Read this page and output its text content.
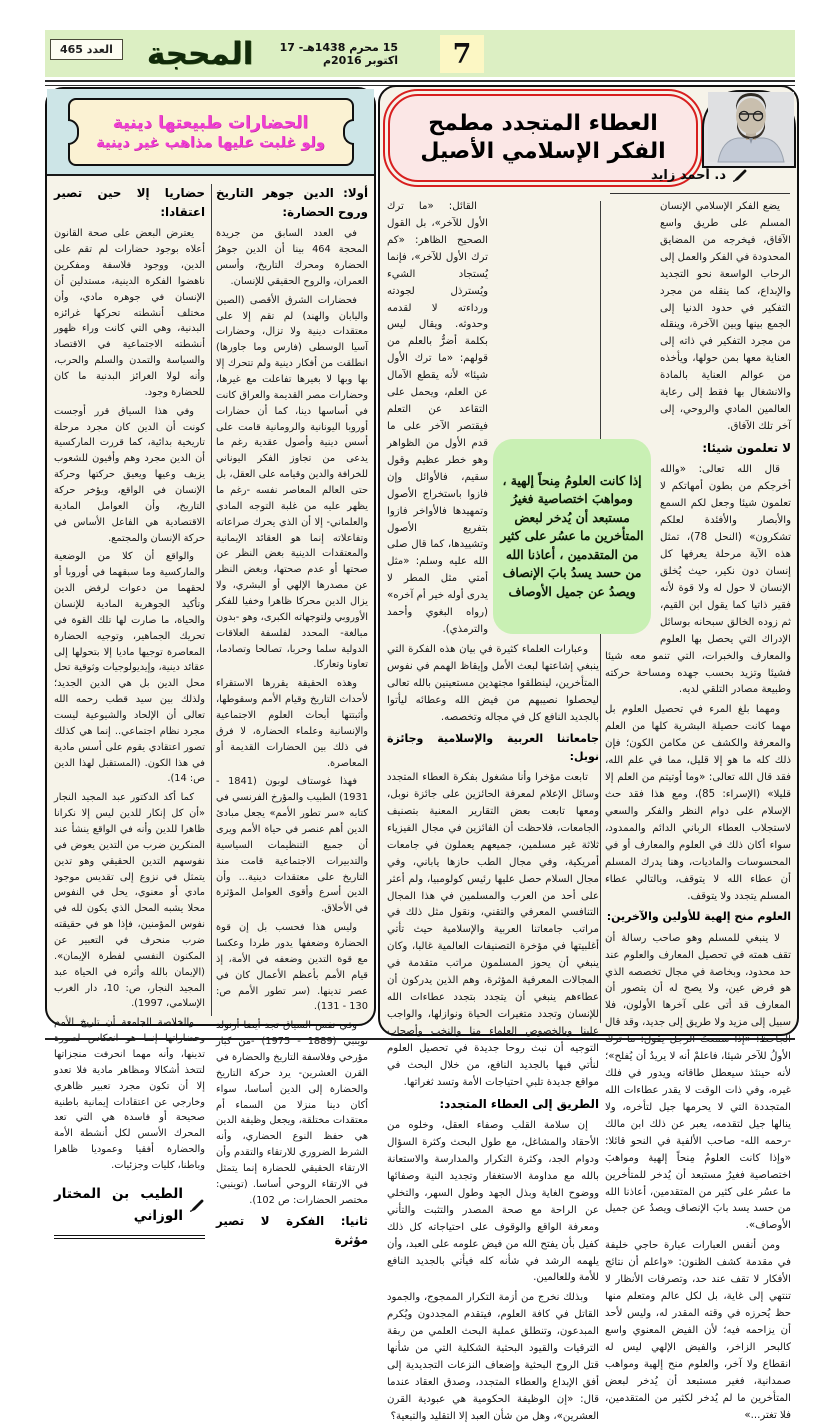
العدد 465	المحجة	15 محرم 1438هـ- 17 اكتوبر 2016م 7
الحضارات طبيعتها دينية
ولو غلبت عليها مذاهب غير دينية
أولا: الدين جوهر التاريخ وروح الحضارة:

في العدد السابق من جريدة المحجة 464 بينا أن الدين جوهرُ الحضارة ومحرك التاريخ، وأسس العمران، والروح الحقيقي للإنسان.

فحضارات الشرق الأقصى (الصين واليابان والهند) لم تقم إلا على معتقدات دينية ولا تزال، وحضارات آسيا الوسطى (فارس وما جاورها) انطلقت من أفكار دينية ولم تتحرك إلا بها وبها لا بغيرها تفاعلت مع غيرها، وحضارات مصر القديمة والعراق كانت في أساسها دينا، كما أن حضارات أوروبا اليونانية والرومانية قامت على أسس دينية وأصول عقدية رغم ما يدعى من تجاوز الفكر اليوناني للخرافة والدين وقيامه على العقل، بل حتى العالم المعاصر نفسه -رغم ما يظهر عليه من غلبة التوجه المادي والعلماني- إلا أن الذي يحرك صراعاته وتفاعلاته إنما هو العقائد الإيمانية والمعتقدات الدينية بغض النظر عن صحتها أو عدم صحتها، وبغض النظر عن مصدرها الإلهي أو البشري، ولا يزال الدين محركا ظاهرا وخفيا للفكر الأوروبي ولتوجهاته الكبرى، وهو -بدون مبالغة- المحدد لفلسفة العلاقات الدولية سلما وحربا، تصالحا وتصادما، تعاونا وتعاركا.

وهذه الحقيقة يقررها الاستقراء لأحداث التاريخ وقيام الأمم وسقوطها، وأثبتتها أبحاث العلوم الاجتماعية والإنسانية وعلماء الحضارة، لا فرق في ذلك بين الحضارات القديمة أو المعاصرة.

فهذا غوستاف لوبون (1841 - 1931) الطبيب والمؤرخ الفرنسي في كتابه «سر تطور الأمم» يجعل مبادئ الدين أهم عنصر في حياة الأمم ويرى أن جميع التنظيمات السياسية والتدبيرات الاجتماعية قامت منذ التاريخ على معتقدات دينية... وأن الدين أسرع وأقوى العوامل المؤثرة في الأخلاق.

وليس هذا فحسب بل إن قوة الحضارة وضعفها يدور طردا وعكسا مع قوة التدين وضعفه في الأمة، إذ قيام الأمم بأعظم الأعمال كان في عصر تدينها. (سر تطور الأمم ص: 130 - 131).

وفي نفس السياق تجد أيضا أرنولد توينبي (1889 - 1975) -من كبار مؤرخي وفلاسفة التاريخ والحضارة في القرن العشرين- يرد حركة التاريخ والحضارة إلى الدين أساسا، سواء أكان دينا منزلا من السماء أم معتقدات مختلقة، ويجعل وظيفة الدين هي حفظ النوع الحضاري، وأنه الشرط الضروري للارتقاء والتقدم وأن الارتقاء الحقيقي للحضارة إنما يتمثل في الارتقاء الروحي أساسا. (توينبي: مختصر الحضارات: ص 102).

ثانيا: الفكرة لا تصير مؤثرة
حضاريا إلا حين تصير اعتقادا:

يعترض البعض على صحة القانون أعلاه بوجود حضارات لم تقم على الدين، ووجود فلاسفة ومفكرين ناهضوا الفكرة الدينية، مستدلين أن الإنسان في جوهره مادي، وأن مختلف أنشطته تحركها غرائزه البدنية، وهي التي كانت وراء ظهور أنشطته الاجتماعية في الاقتصاد والسياسة والتمدن والسلم والحرب، وأنه لولا الغرائز البدنية ما كان للحضارة وجود.

وفي هذا السياق قرر أوجست كونت أن الدين كان مجرد مرحلة تاريخية بدائية، كما قررت الماركسية أن الدين مجرد وهم وأفيون للشعوب يزيف وعيها ويعيق حركتها وحركة الإنسان في الواقع، ويؤخر حركة التاريخ، وأن العوامل المادية الاقتصادية هي الفاعل الأساس في حركة الإنسان والمجتمع.

والواقع أن كلا من الوضعية والماركسية وما سبقهما في أوروبا أو لحقهما من دعوات لرفض الدين وتأكيد الجوهرية المادية للإنسان والحياة، ما صارت لها تلك القوة في تحريك الجماهير، وتوجيه الحضارة المعاصرة توجيها ماديا إلا بتحولها إلى عقائد دينية، وإيديولوجيات وثوقية تحل محل الدين بل هي الدين الجديد؛ ولذلك بين سيد قطب رحمه الله تعالى أن الإلحاد والشيوعية ليست مجرد نظام اجتماعي.. إنما هي كذلك تصور اعتقادي يقوم على أسس مادية في هذا الكون. (المستقبل لهذا الدين ص: 14).

كما أكد الدكتور عبد المجيد النجار «أن كل إنكار للدين ليس إلا نكرانا ظاهرا للدين وأنه في الواقع ينشأ عند المنكرين ضرب من التدين يعوض في نفوسهم التدين الحقيقي وهو تدين يتمثل في نزوع إلى تقديس موجود مادي أو معنوي، يحل في النفوس محلا يشبه المحل الذي يكون لله في نفوس المؤمنين، فإذا هو في حقيقته ضرب منحرف في التعبير عن المكنون النفسي لفطرة الإيمان». (الإيمان بالله وأثره في الحياة عبد المجيد النجار، ص: 10، دار الغرب الإسلامي، 1997).

والخلاصة الجامعة أن تاريخ الأمم وحضاراتها إنما هو انعكاس لصورة تدينها، وأنه مهما انحرفت منجزاتها لتتخذ أشكالا ومظاهر مادية فلا تعدو إلا أن تكون مجرد تعبير ظاهري وخارجي عن اعتقادات إيمانية باطنية صحيحة أو فاسدة هي التي تعد المحرك الأسس لكل أنشطة الأمة والحضارة أفقيا وعموديا ظاهرا وباطنا، كليات وجزئيات.

الطيب بن المختار الوزاني
العطاء المتجدد مطمح
الفكر الإسلامي الأصيل
د. أحمد زايد

يضع الفكر الإسلامي الإنسان المسلم على طريق واسع الآفاق، فيخرجه من المضايق المحدودة في الفكر والعمل إلى الرحاب الواسعة نحو التجديد والإبداع، كما ينقله من مجرد التفكير في حدود الدنيا إلى الجمع بينها وبين الآخرة، وينقله من مجرد التفكير في ذاته إلى العناية معها بمن حولها، ويأخذه من عوالم العناية بالمادة والانشغال بها فقط إلى رعاية العالمين المادي والروحي، إلى آخر تلك الآفاق.

لا تعلمون شيئا:

قال الله تعالى: «والله أخرجكم من بطون أمهاتكم لا تعلمون شيئا وجعل لكم السمع والأبصار والأفئدة لعلكم تشكرون» (النحل 78)، تمثل هذه الآية مرحلة يعرفها كل إنسان دون نكير، حيث يُخلق الإنسان لا حول له ولا قوة لأنه فقير ذاتيا كما يقول ابن القيم، ثم زوده الخالق سبحانه بوسائل الإدراك التي يحصل بها العلوم والمعارف والخبرات، التي تنمو معه شيئا فشيئا وتزيد بحسب جهده ومساحة حركته وطبيعة مصادر التلقي لديه.

ومهما بلغ المرء في تحصيل العلوم بل مهما كانت حصيلة البشرية كلها من العلم والمعرفة والكشف عن مكامن الكون؛ فإن ذلك كله ما هو إلا قليل، مما في علم الله، فقد قال الله تعالى: «وما أوتيتم من العلم إلا قليلا» (الإسراء: 85)، ومع هذا فقد حث الإسلام على دوام النظر والفكر والسعي لاستجلاب العطاء الرباني الدائم والممدود، سواء أكان ذلك في العلوم والمعارف أو في المحسوسات والماديات، وهنا يدرك المسلم أن عطاء الله لا يتوقف، وبالتالي عطاء المسلم يتجدد ولا يتوقف.

العلوم منح إلهية للأولين والآخرين:

لا ينبغي للمسلم وهو صاحب رسالة أن تقف همته في تحصيل المعارف والعلوم عند حد محدود، وبخاصة في مجال تخصصه الذي هو فرض عين، ولا يصح له أن يتصور أن المعارف قد أتى على آخرها الأولون، فلا سبيل إلى مزيد ولا طريق إلى جديد، وقد قال الجاحظ: «إذا سمعتَ الرجل يقول: ما ترك الأولُ للآخر شيئا، فاعلمْ أنه لا يريدُ أن يُفلح»؛ لأنه حينئذ سيعطل طاقاته ويدور في فلك غيره، وفي ذات الوقت لا يقدر عطاءات الله المتجددة التي لا يحرمها جيل لتأخره، ولا ينالها جيل لتقدمه، يعبر عن ذلك ابن مالك -رحمه الله- صاحب الألفية في النحو قائلا: «وإذا كانت العلومُ مِنحاً إلهية ومواهبَ اختصاصية فغيرُ مستبعد أن يُدخر للمتأخرين ما عسُر على كثير من المتقدمين، أعاذنا الله من حسد يسد بابَ الإنصاف ويصدُ عن جميل الأوصاف».

ومن أنفس العبارات عبارة حاجي خليفة في مقدمة كشف الظنون: «واعلم أن نتائج الأفكار لا تقف عند حد، وتصرفات الأنظار لا تنتهي إلى غاية، بل لكل عالم ومتعلم منها حظ يُحرزه في وقته المقدر له، وليس لأحد أن يزاحمه فيه؛ لأن الفيض المعنوي واسع كالبحر الزاخر، والفيض الإلهي ليس له انقطاع ولا آخر، والعلوم منح إلهية ومواهب صمدانية، فغير مستبعد أن يُدخر لبعض المتأخرين ما لم يُدخر لكثير من المتقدمين، فلا تغتر...»

القائل: «ما ترك الأول للآخر»، بل القول الصحيح الظاهر: «كم ترك الأول للآخر»، فإنما يُستجاد الشيء ويُسترذل لجودته ورداءته لا لقدمه وحدوثه. ويقال ليس بكلمة أضرُّ بالعلم من قولهم: «ما ترك الأول شيئا» لأنه يقطع الآمال عن العلم، ويحمل على التقاعد عن التعلم فيقتصر الآخر على ما قدم الأول من الظواهر وهو خطر عظيم وقول سقيم، فالأوائل وإن فازوا باستخراج الأصول وتمهيدها فالأواخر فازوا بتفريع الأصول وتشييدها، كما قال صلى الله عليه وسلم: «مثل أمتي مثل المطر لا يدرى أوله خير أم آخره» (رواه البغوي وأحمد والترمذي).

وعبارات العلماء كثيرة في بيان هذه الفكرة التي ينبغي إشاعتها لبعث الأمل وإيقاظ الهمم في نفوس المتأخرين، لينطلقوا مجتهدين مستعينين بالله تعالى ليحصلوا نصيبهم من فيض الله وعطائه ليأتوا بالجديد النافع كل في مجاله وتخصصه.

جامعاتنا العربية والإسلامية وجائزة نوبل:

تابعت مؤخرا وأنا مشغول بفكرة العطاء المتجدد وسائل الإعلام لمعرفة الحائزين على جائزة نوبل، ومعها تابعت بعض التقارير المعنية بتصنيف الجامعات، فلاحظت أن الفائزين في مجال الفيزياء ثلاثة غير مسلمين، جميعهم يعملون في جامعات أمريكية، وفي مجال الطب حازها ياباني، وفي مجال السلام حصل عليها رئيس كولومبيا، ولم أعثر على أحد من العرب والمسلمين في هذا المجال التنافسي المعرفي والتقني، ونقول مثل ذلك في مراتب جامعاتنا العربية والإسلامية حيث تأتي أغلبيتها في مؤخرة التصنيفات العالمية غالبا، وكان ينبغي أن يحوز المسلمون مراتب متقدمة في المجالات المعرفية المؤثرة، وهم الذين يدركون أن عطاءهم ينبغي أن يتجدد بتجدد عطاءات الله للإنسان وتجدد متغيرات الحياة ونوازلها، والواجب علينا وبالخصوص العلماء منا والنخب وأصحاب التوجيه أن نبث روحا جديدة في تحصيل العلوم لنأتي فيها بالجديد النافع، من خلال البحث في مواقع جديدة تلبي احتياجات الأمة وتسد ثغراتها.

الطريق إلى العطاء المتجدد:

إن سلامة القلب وصفاء العقل، وخلوه من الأحقاد والمشاغل، مع طول البحث وكثرة السؤال ودوام الجد، وكثرة التكرار والمدارسة والاستعانة بالله مع مداومة الاستغفار وتجديد النية وصفائها ووضوح الغاية وبذل الجهد وطول السهر، والتخلي عن الراحة مع صحة المصدر والتثبت والتأني ومعرفة الواقع والوقوف على احتياجاته كل ذلك كفيل بأن يفتح الله من فيض علومه على العبد، وأن يلهمه الرشد في شأنه كله فيأتي بالجديد النافع للأمة وللعالمين.

وبذلك نخرج من أزمة التكرار الممجوج، والجمود القاتل في كافة العلوم، فيتقدم المجددون ويُكرم المبدعون، وتنطلق عملية البحث العلمي من ربقة الترقيات والقيود البحثية الشكلية التي من شأنها قتل الروح البحثية وإضعاف النزعات التجديدية إلى أفق الإبداع والعطاء المتجدد، وصدق العقاد عندما قال: «إن الوظيفة الحكومية هي عبودية القرن العشرين»، وهل من شأن العبد إلا التقليد والتبعية؟

إذا كانت العلومُ مِنحاً إلهية ، ومواهبَ اختصاصية فغيرُ مستبعد أن يُدخر لبعض المتأخرين ما عسُر على كثير من المتقدمين ، أعاذنا الله من حسد يسدُ بابَ الإنصاف ويصدُ عن جميل الأوصاف
